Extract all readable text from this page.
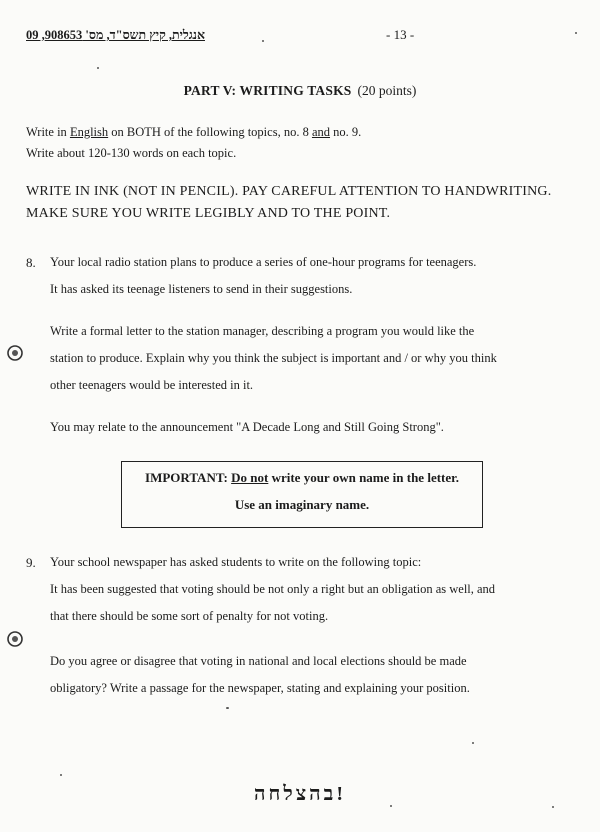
אנגלית, קיץ תשס"ד, מס' 908653, 09	- 13 -
PART V: WRITING TASKS (20 points)
Write in English on BOTH of the following topics, no. 8 and no. 9.
Write about 120-130 words on each topic.
WRITE IN INK (NOT IN PENCIL). PAY CAREFUL ATTENTION TO HANDWRITING.
MAKE SURE YOU WRITE LEGIBLY AND TO THE POINT.
8. Your local radio station plans to produce a series of one-hour programs for teenagers.
It has asked its teenage listeners to send in their suggestions.
Write a formal letter to the station manager, describing a program you would like the
station to produce. Explain why you think the subject is important and / or why you think
other teenagers would be interested in it.
You may relate to the announcement "A Decade Long and Still Going Strong".
IMPORTANT: Do not write your own name in the letter.
Use an imaginary name.
9. Your school newspaper has asked students to write on the following topic:
It has been suggested that voting should be not only a right but an obligation as well, and
that there should be some sort of penalty for not voting.
Do you agree or disagree that voting in national and local elections should be made
obligatory? Write a passage for the newspaper, stating and explaining your position.
!בהצלחה
